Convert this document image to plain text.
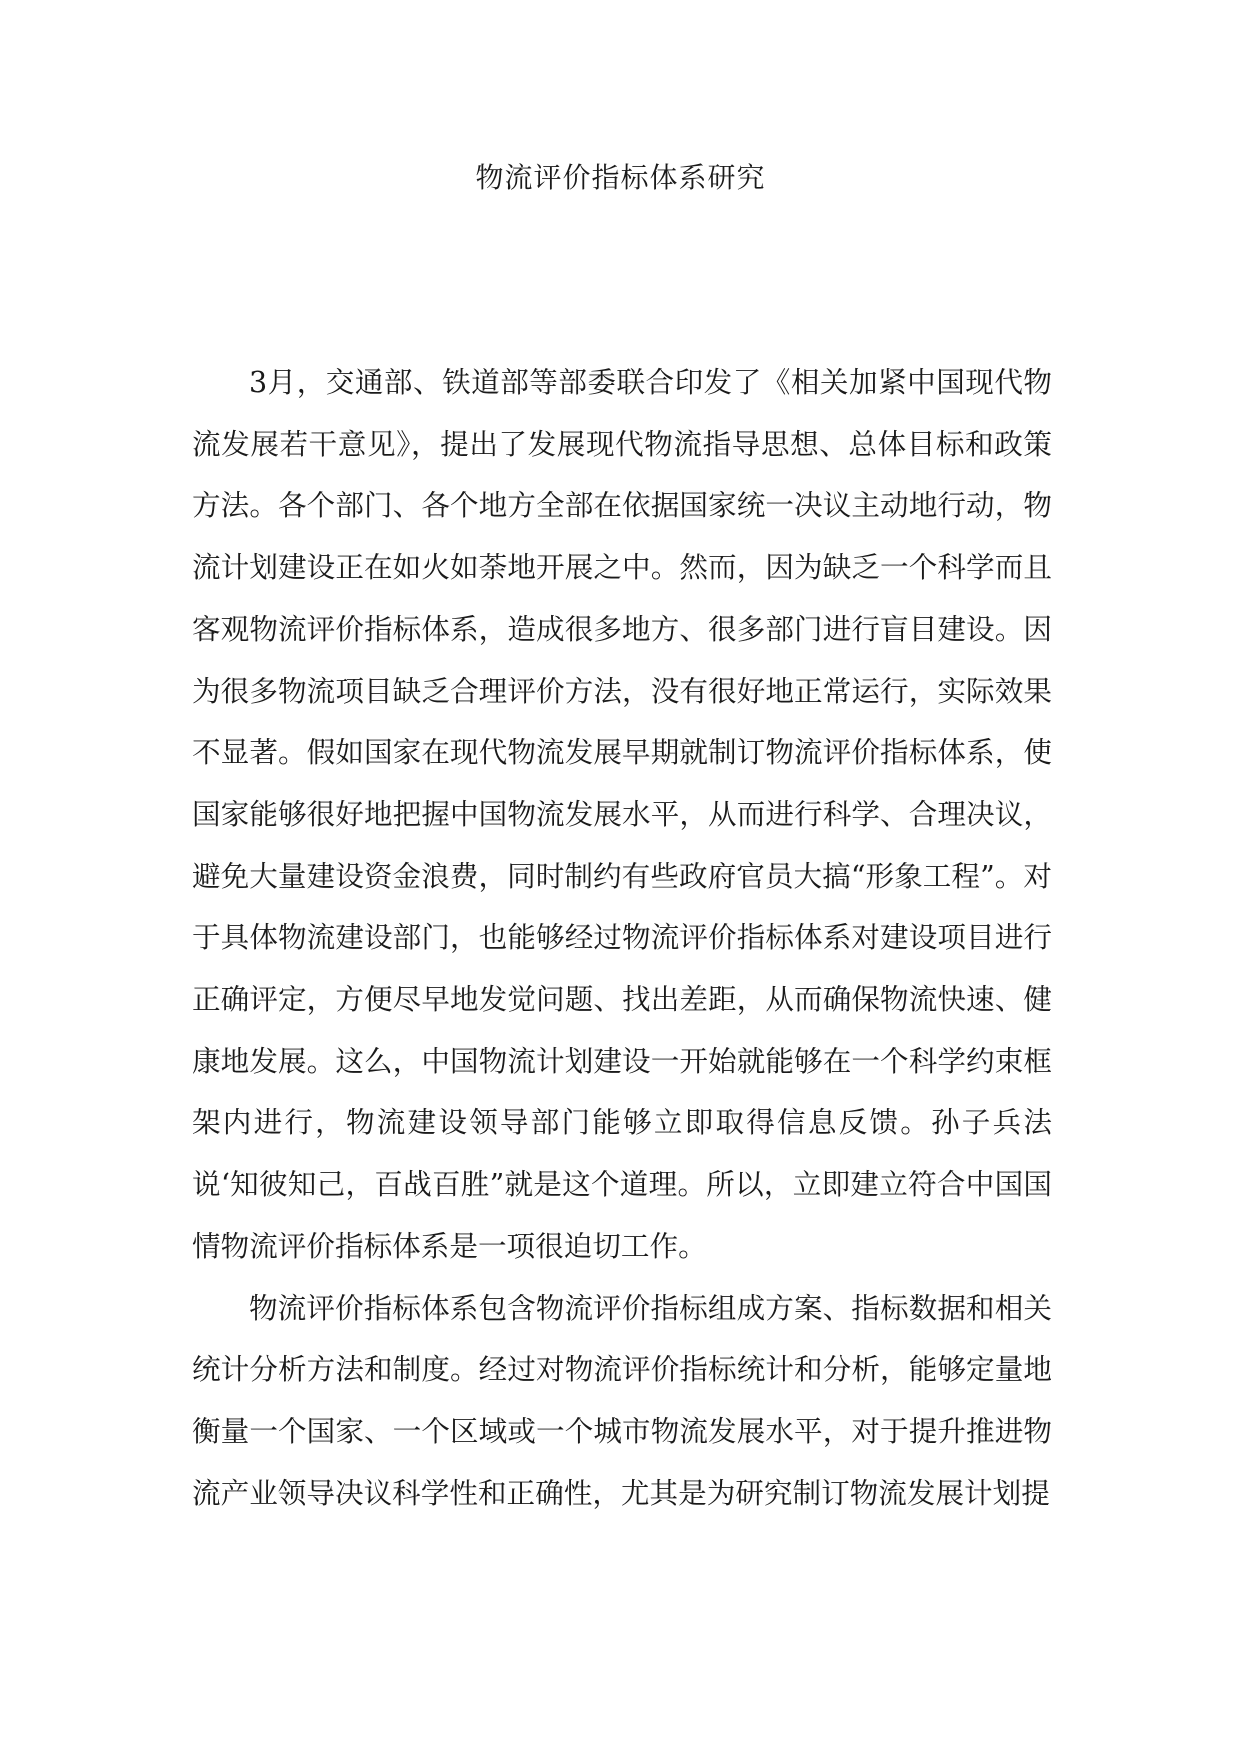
物流评价指标体系研究

3月，交通部、铁道部等部委联合印发了《相关加紧中国现代物流发展若干意见》，提出了发展现代物流指导思想、总体目标和政策方法。各个部门、各个地方全部在依据国家统一决议主动地行动，物流计划建设正在如火如荼地开展之中。然而，因为缺乏一个科学而且客观物流评价指标体系，造成很多地方、很多部门进行盲目建设。因为很多物流项目缺乏合理评价方法，没有很好地正常运行，实际效果不显著。假如国家在现代物流发展早期就制订物流评价指标体系，使国家能够很好地把握中国物流发展水平，从而进行科学、合理决议，避免大量建设资金浪费，同时制约有些政府官员大搞“形象工程”。对于具体物流建设部门，也能够经过物流评价指标体系对建设项目进行正确评定，方便尽早地发觉问题、找出差距，从而确保物流快速、健康地发展。这么，中国物流计划建设一开始就能够在一个科学约束框架内进行，物流建设领导部门能够立即取得信息反馈。孙子兵法说‘知彼知己，百战百胜”就是这个道理。所以，立即建立符合中国国情物流评价指标体系是一项很迫切工作。

物流评价指标体系包含物流评价指标组成方案、指标数据和相关统计分析方法和制度。经过对物流评价指标统计和分析，能够定量地衡量一个国家、一个区域或一个城市物流发展水平，对于提升推进物流产业领导决议科学性和正确性，尤其是为研究制订物流发展计划提
